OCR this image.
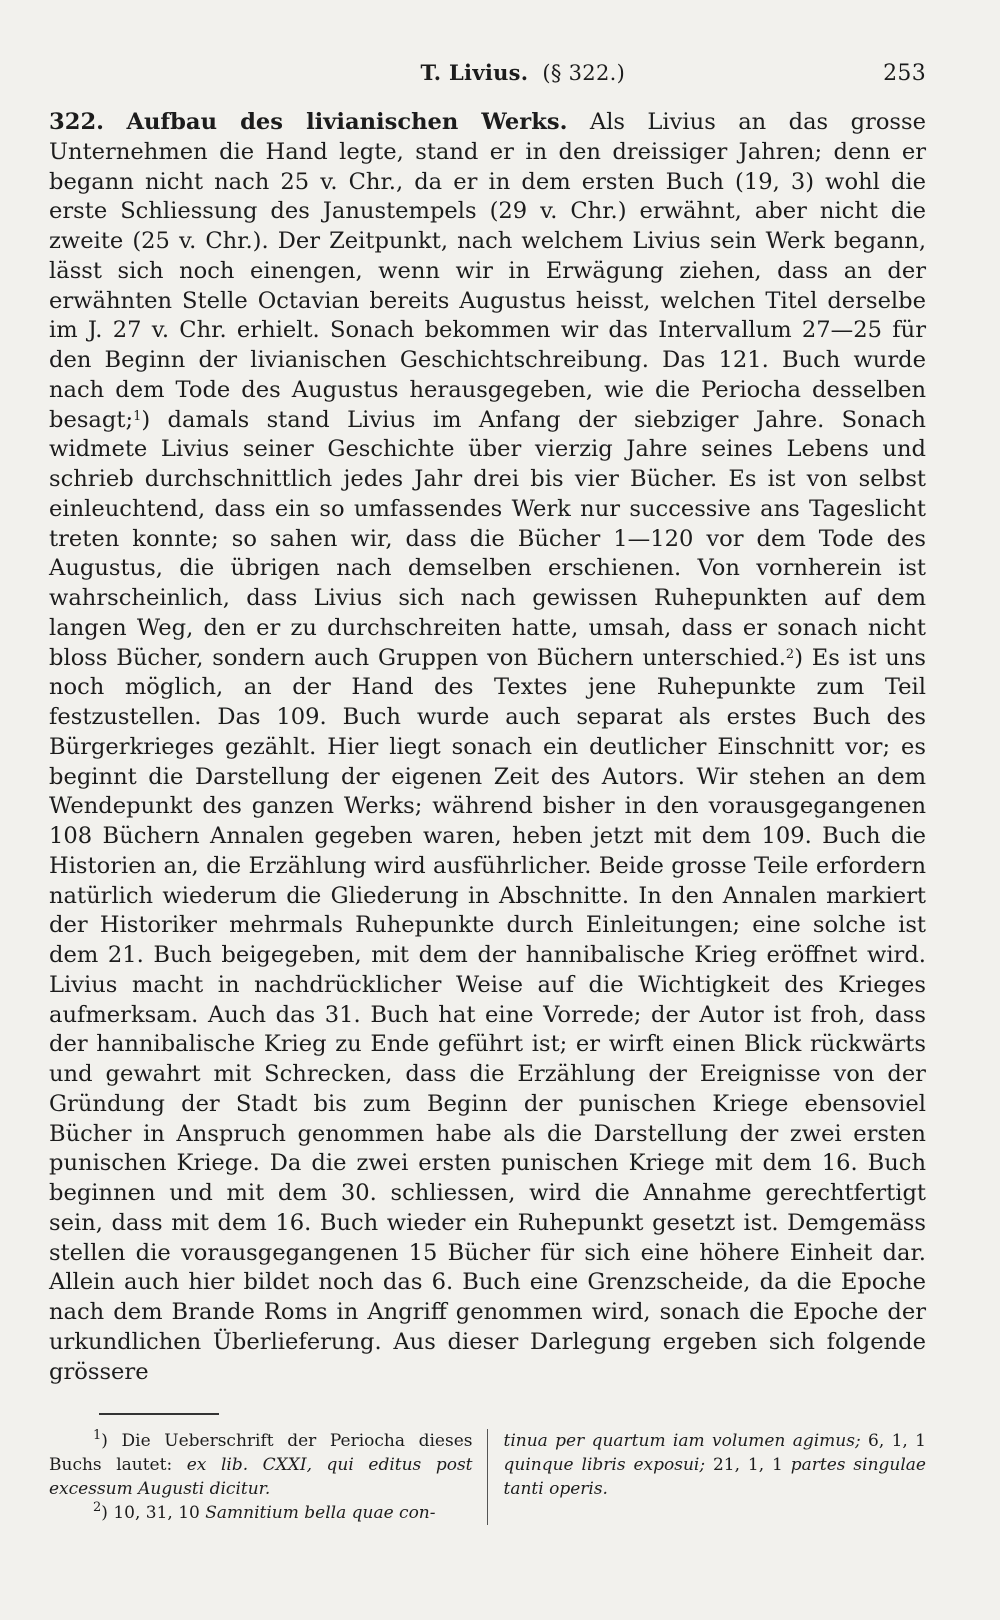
T. Livius. (§ 322.)	253
322. Aufbau des livianischen Werks. Als Livius an das grosse Unternehmen die Hand legte, stand er in den dreissiger Jahren; denn er begann nicht nach 25 v. Chr., da er in dem ersten Buch (19, 3) wohl die erste Schliessung des Janustempels (29 v. Chr.) erwähnt, aber nicht die zweite (25 v. Chr.). Der Zeitpunkt, nach welchem Livius sein Werk begann, lässt sich noch einengen, wenn wir in Erwägung ziehen, dass an der erwähnten Stelle Octavian bereits Augustus heisst, welchen Titel derselbe im J. 27 v. Chr. erhielt. Sonach bekommen wir das Intervallum 27—25 für den Beginn der livianischen Geschichtschreibung. Das 121. Buch wurde nach dem Tode des Augustus herausgegeben, wie die Periocha desselben besagt;$^1$) damals stand Livius im Anfang der siebziger Jahre. Sonach widmete Livius seiner Geschichte über vierzig Jahre seines Lebens und schrieb durchschnittlich jedes Jahr drei bis vier Bücher. Es ist von selbst einleuchtend, dass ein so umfassendes Werk nur successive ans Tageslicht treten konnte; so sahen wir, dass die Bücher 1—120 vor dem Tode des Augustus, die übrigen nach demselben erschienen. Von vornherein ist wahrscheinlich, dass Livius sich nach gewissen Ruhepunkten auf dem langen Weg, den er zu durchschreiten hatte, umsah, dass er sonach nicht bloss Bücher, sondern auch Gruppen von Büchern unterschied.$^2$) Es ist uns noch möglich, an der Hand des Textes jene Ruhepunkte zum Teil festzustellen. Das 109. Buch wurde auch separat als erstes Buch des Bürgerkrieges gezählt. Hier liegt sonach ein deutlicher Einschnitt vor; es beginnt die Darstellung der eigenen Zeit des Autors. Wir stehen an dem Wendepunkt des ganzen Werks; während bisher in den vorausgegangenen 108 Büchern Annalen gegeben waren, heben jetzt mit dem 109. Buch die Historien an, die Erzählung wird ausführlicher. Beide grosse Teile erfordern natürlich wiederum die Gliederung in Abschnitte. In den Annalen markiert der Historiker mehrmals Ruhepunkte durch Einleitungen; eine solche ist dem 21. Buch beigegeben, mit dem der hannibalische Krieg eröffnet wird. Livius macht in nachdrücklicher Weise auf die Wichtigkeit des Krieges aufmerksam. Auch das 31. Buch hat eine Vorrede; der Autor ist froh, dass der hannibalische Krieg zu Ende geführt ist; er wirft einen Blick rückwärts und gewahrt mit Schrecken, dass die Erzählung der Ereignisse von der Gründung der Stadt bis zum Beginn der punischen Kriege ebensoviel Bücher in Anspruch genommen habe als die Darstellung der zwei ersten punischen Kriege. Da die zwei ersten punischen Kriege mit dem 16. Buch beginnen und mit dem 30. schliessen, wird die Annahme gerechtfertigt sein, dass mit dem 16. Buch wieder ein Ruhepunkt gesetzt ist. Demgemäss stellen die vorausgegangenen 15 Bücher für sich eine höhere Einheit dar. Allein auch hier bildet noch das 6. Buch eine Grenzscheide, da die Epoche nach dem Brande Roms in Angriff genommen wird, sonach die Epoche der urkundlichen Überlieferung. Aus dieser Darlegung ergeben sich folgende grössere

$^1$) Die Ueberschrift der Periocha dieses Buchs lautet: ex lib. CXXI, qui editus post excessum Augusti dicitur.

$^2$) 10, 31, 10 Samnitium bella quae con-

tinua per quartum iam volumen agimus; 6, 1, 1 quinque libris exposui; 21, 1, 1 partes singulae tanti operis.
